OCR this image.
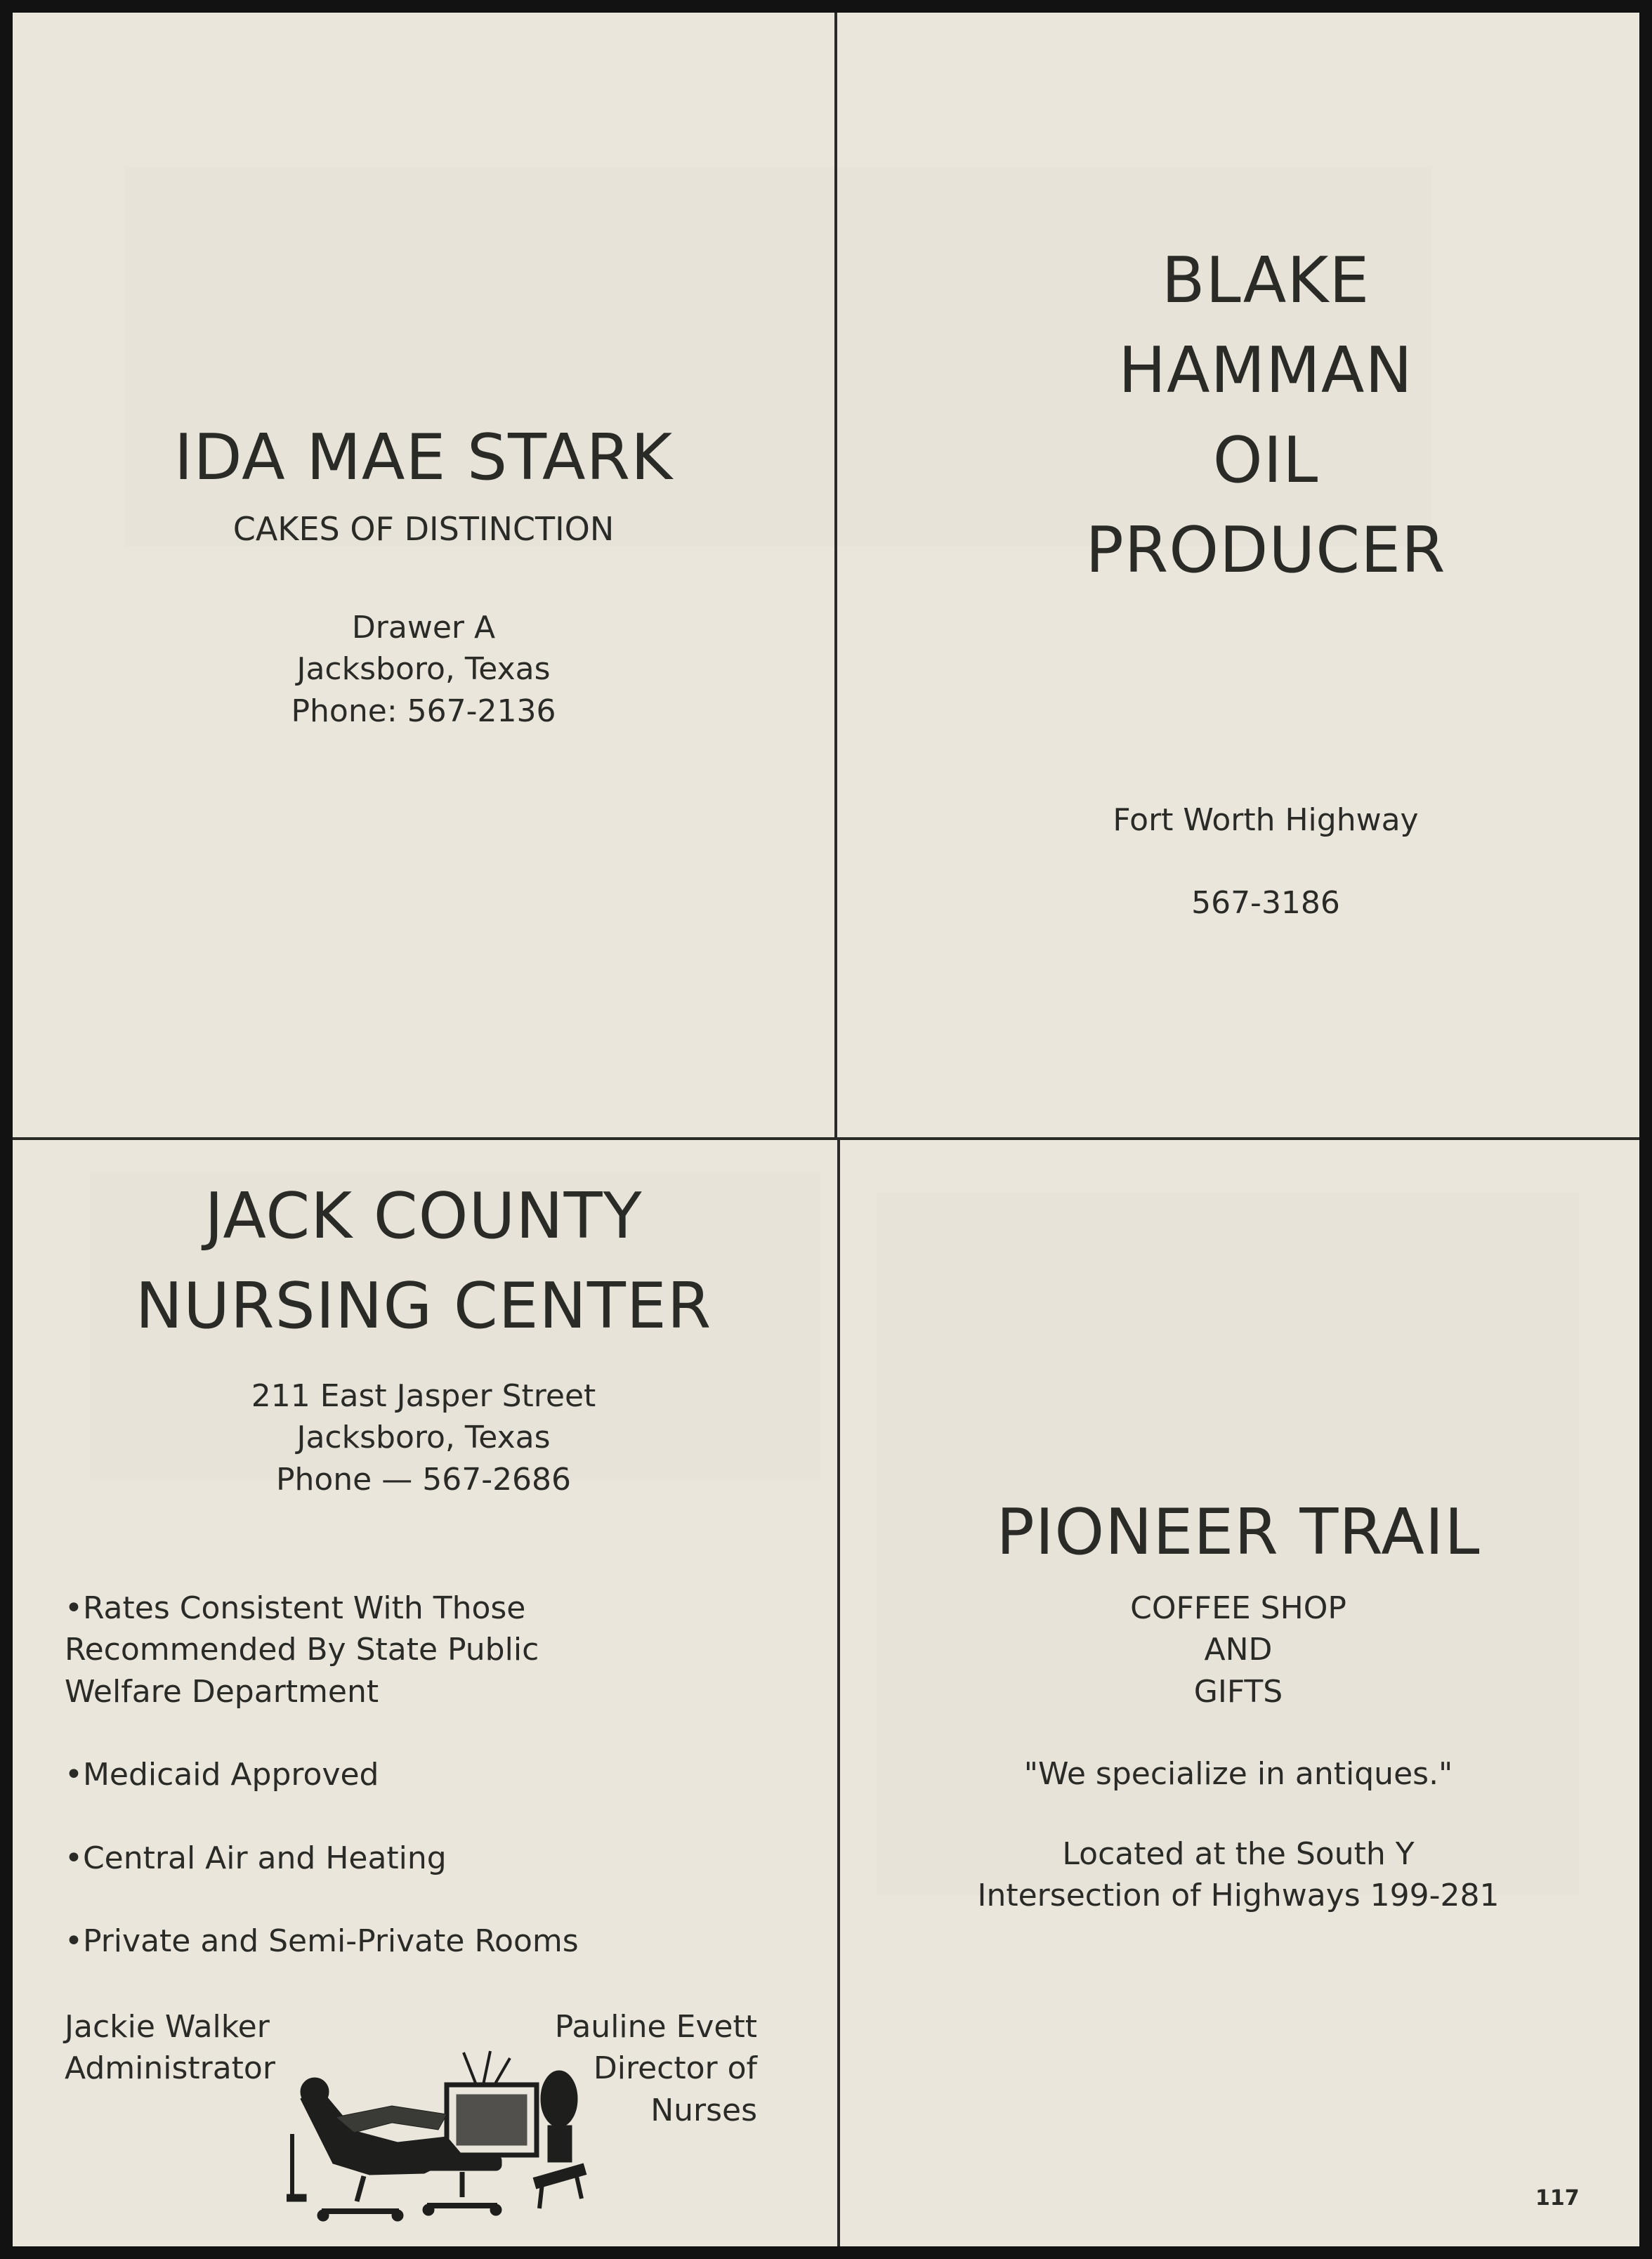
IDA MAE STARK
CAKES OF DISTINCTION
Drawer A
Jacksboro, Texas
Phone: 567-2136
BLAKE
HAMMAN
OIL
PRODUCER
Fort Worth Highway
567-3186
JACK COUNTY
NURSING CENTER
211 East Jasper Street
Jacksboro, Texas
Phone — 567-2686
•Rates Consistent With Those
Recommended By State Public
Welfare Department
•Medicaid Approved
•Central Air and Heating
•Private and Semi-Private Rooms
Jackie Walker
Administrator
Pauline Evett
Director of
Nurses
PIONEER TRAIL
COFFEE SHOP
AND
GIFTS
"We specialize in antiques."
Located at the South Y
Intersection of Highways 199-281
117
